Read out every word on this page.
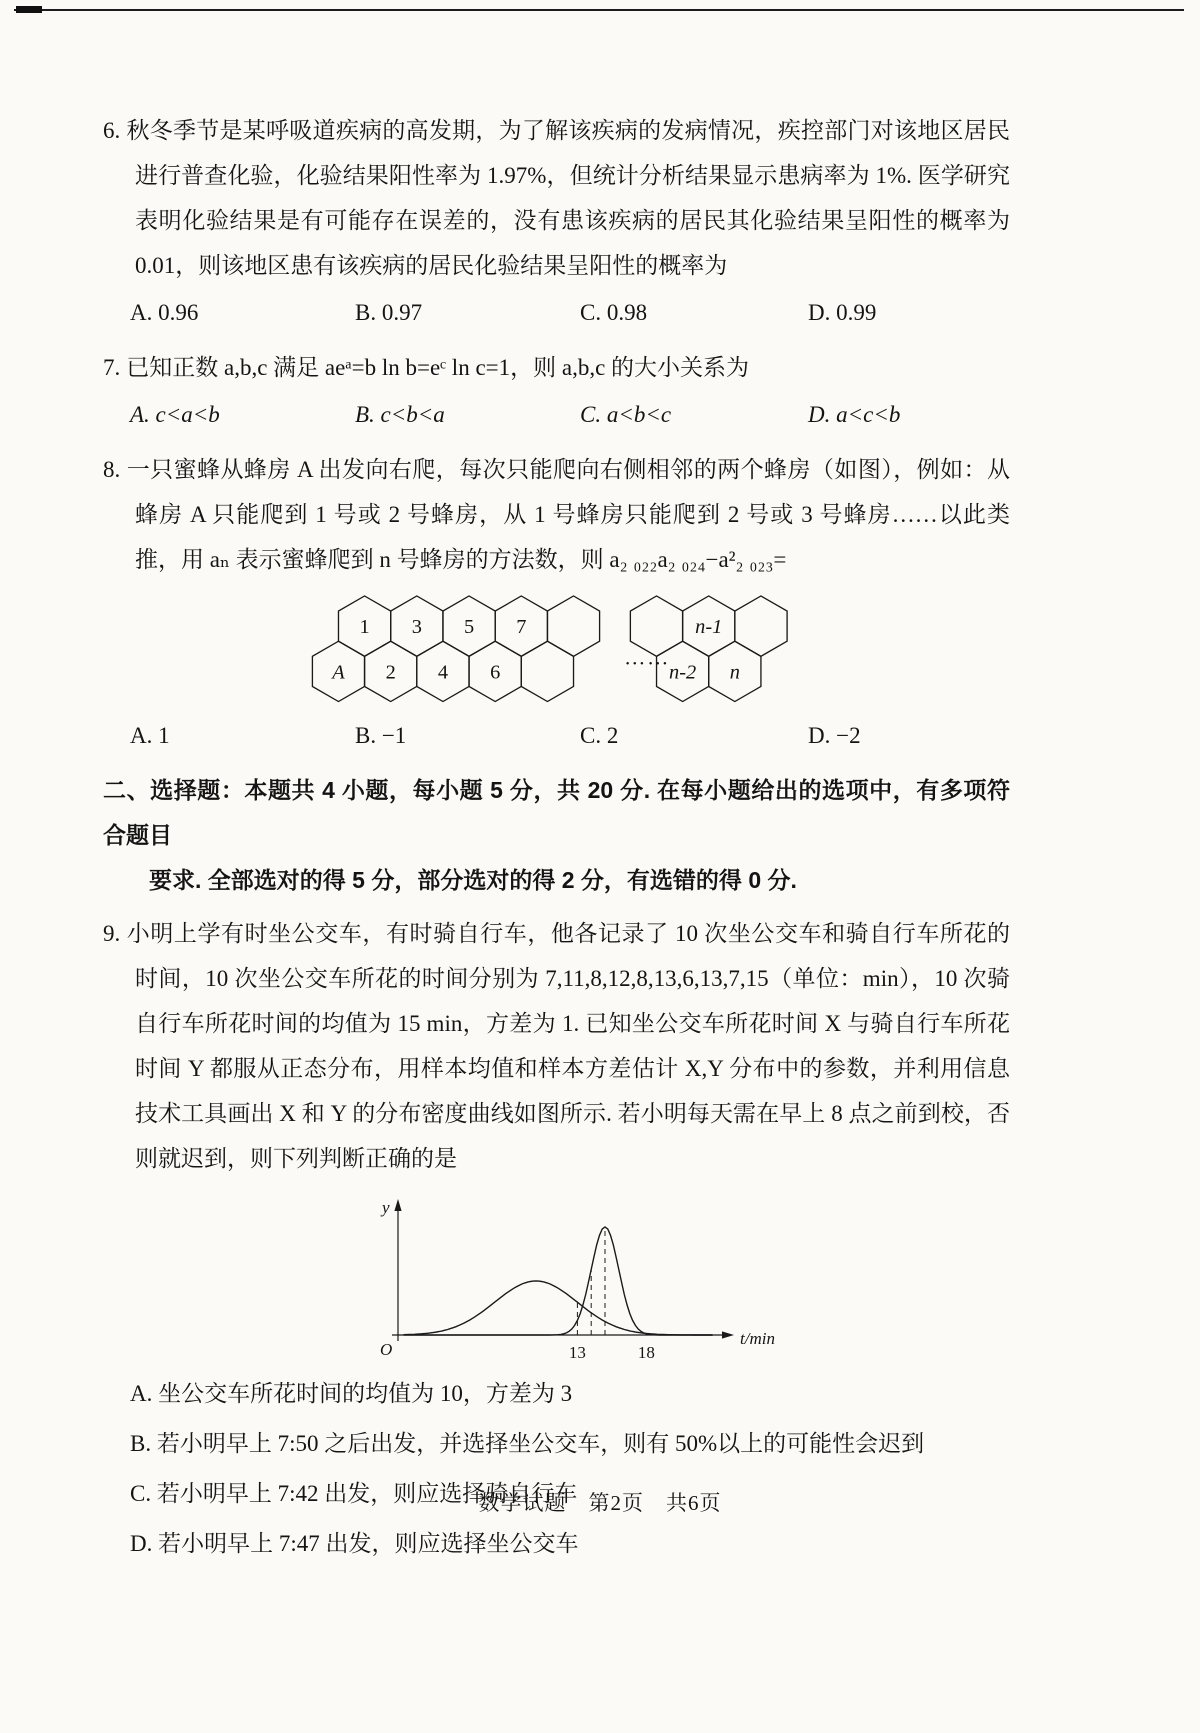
6. 秋冬季节是某呼吸道疾病的高发期，为了解该疾病的发病情况，疾控部门对该地区居民进行普查化验，化验结果阳性率为 1.97%，但统计分析结果显示患病率为 1%. 医学研究表明化验结果是有可能存在误差的，没有患该疾病的居民其化验结果呈阳性的概率为 0.01，则该地区患有该疾病的居民化验结果呈阳性的概率为

A. 0.96	B. 0.97	C. 0.98	D. 0.99

7. 已知正数 a,b,c 满足 aeᵃ=b ln b=eᶜ ln c=1，则 a,b,c 的大小关系为

A. c<a<b	B. c<b<a	C. a<b<c	D. a<c<b

8. 一只蜜蜂从蜂房 A 出发向右爬，每次只能爬向右侧相邻的两个蜂房（如图），例如：从蜂房 A 只能爬到 1 号或 2 号蜂房，从 1 号蜂房只能爬到 2 号或 3 号蜂房……以此类推，用 aₙ 表示蜜蜂爬到 n 号蜂房的方法数，则 a₂ ₀₂₂a₂ ₀₂₄−a²₂ ₀₂₃=

A 2 4 6
1 3 5 7
……
n-2 n
n-1
A. 1	B. −1	C. 2	D. −2
二、选择题：本题共 4 小题，每小题 5 分，共 20 分. 在每小题给出的选项中，有多项符合题目
要求. 全部选对的得 5 分，部分选对的得 2 分，有选错的得 0 分.

9. 小明上学有时坐公交车，有时骑自行车，他各记录了 10 次坐公交车和骑自行车所花的时间，10 次坐公交车所花的时间分别为 7,11,8,12,8,13,6,13,7,15（单位：min），10 次骑自行车所花时间的均值为 15 min，方差为 1. 已知坐公交车所花时间 X 与骑自行车所花时间 Y 都服从正态分布，用样本均值和样本方差估计 X,Y 分布中的参数，并利用信息技术工具画出 X 和 Y 的分布密度曲线如图所示. 若小明每天需在早上 8 点之前到校，否则就迟到，则下列判断正确的是

y
O
t/min
13	18
A. 坐公交车所花时间的均值为 10，方差为 3
B. 若小明早上 7:50 之后出发，并选择坐公交车，则有 50%以上的可能性会迟到
C. 若小明早上 7:42 出发，则应选择骑自行车
D. 若小明早上 7:47 出发，则应选择坐公交车
数学试题　第2页　共6页
